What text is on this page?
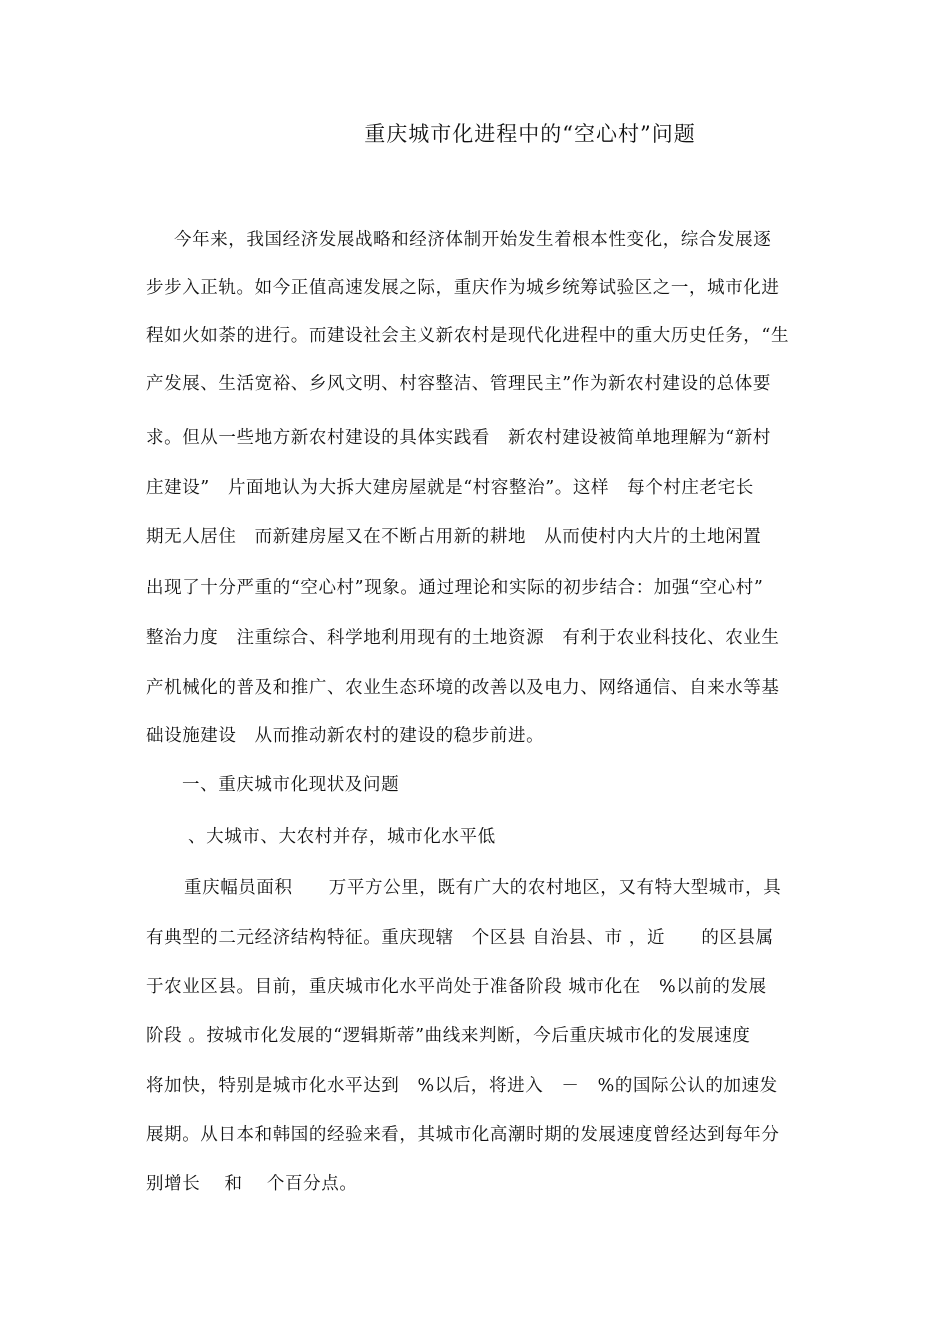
重庆城市化进程中的“空心村”问题
今年来，我国经济发展战略和经济体制开始发生着根本性变化，综合发展逐
步步入正轨。如今正值高速发展之际，重庆作为城乡统筹试验区之一，城市化进
程如火如荼的进行。而建设社会主义新农村是现代化进程中的重大历史任务，“生
产发展、生活宽裕、乡风文明、村容整洁、管理民主”作为新农村建设的总体要
求。但从一些地方新农村建设的具体实践看　新农村建设被简单地理解为“新村
庄建设”　片面地认为大拆大建房屋就是“村容整治”。这样　每个村庄老宅长
期无人居住　而新建房屋又在不断占用新的耕地　从而使村内大片的土地闲置
出现了十分严重的“空心村”现象。通过理论和实际的初步结合：加强“空心村”
整治力度　注重综合、科学地利用现有的土地资源　有利于农业科技化、农业生
产机械化的普及和推广、农业生态环境的改善以及电力、网络通信、自来水等基
础设施建设　从而推动新农村的建设的稳步前进。
一、重庆城市化现状及问题
、大城市、大农村并存，城市化水平低
重庆幅员面积　　万平方公里，既有广大的农村地区，又有特大型城市，具
有典型的二元经济结构特征。重庆现辖　个区县 自治县、市 ，近　　的区县属
于农业区县。目前，重庆城市化水平尚处于准备阶段 城市化在　%以前的发展
阶段 。按城市化发展的“逻辑斯蒂”曲线来判断，今后重庆城市化的发展速度
将加快，特别是城市化水平达到　%以后，将进入　－　%的国际公认的加速发
展期。从日本和韩国的经验来看，其城市化高潮时期的发展速度曾经达到每年分
别增长　 和　 个百分点。
